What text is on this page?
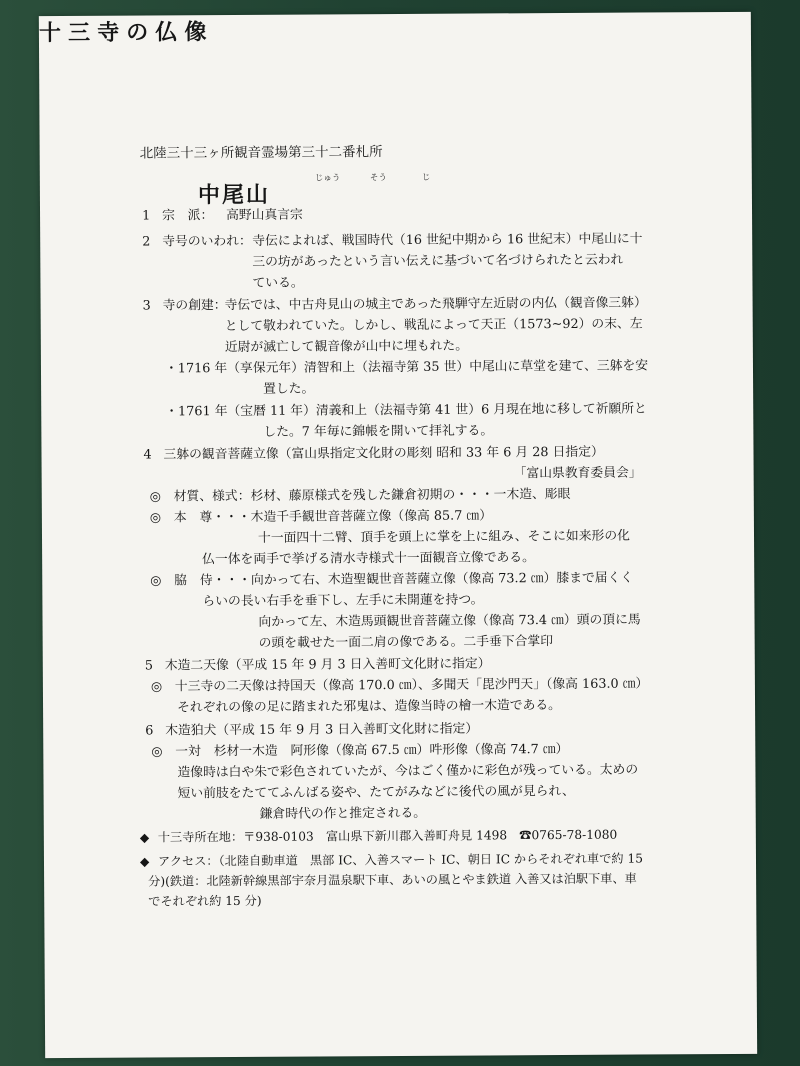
北陸三十三ヶ所観音霊場第三十二番札所
中尾山
じゅう	そう	じ
十 三 寺 の 仏 像
1 宗　派： 高野山真言宗
2 寺号のいわれ： 寺伝によれば、戦国時代（16 世紀中期から 16 世紀末）中尾山に十
三の坊があったという言い伝えに基づいて名づけられたと云われ
ている。
3 寺の創建：
寺伝では、中古舟見山の城主であった飛騨守左近尉の内仏（観音像三躰）
として敬われていた。しかし、戦乱によって天正（1573~92）の末、左
近尉が滅亡して観音像が山中に埋もれた。
・1716 年（享保元年）清智和上（法福寺第 35 世）中尾山に草堂を建て、三躰を安
置した。
・1761 年（宝暦 11 年）清義和上（法福寺第 41 世）6 月現在地に移して祈願所と
した。7 年毎に錦帳を開いて拝礼する。
4 三躰の観音菩薩立像（富山県指定文化財の彫刻 昭和 33 年 6 月 28 日指定）
「富山県教育委員会」
◎　材質、様式：杉材、藤原様式を残した鎌倉初期の・・・一木造、彫眼
◎　本　尊・・・木造千手観世音菩薩立像（像高 85.7 ㎝）
十一面四十二臂、頂手を頭上に掌を上に組み、そこに如来形の化
仏一体を両手で挙げる清水寺様式十一面観音立像である。
◎　脇　侍・・・向かって右、木造聖観世音菩薩立像（像高 73.2 ㎝）膝まで届くく
らいの長い右手を垂下し、左手に未開蓮を持つ。
向かって左、木造馬頭観世音菩薩立像（像高 73.4 ㎝）頭の頂に馬
の頭を載せた一面二肩の像である。二手垂下合掌印
5 木造二天像（平成 15 年 9 月 3 日入善町文化財に指定）
◎　十三寺の二天像は持国天（像高 170.0 ㎝）、多聞天「毘沙門天」（像高 163.0 ㎝）
それぞれの像の足に踏まれた邪鬼は、造像当時の檜一木造である。
6 木造狛犬（平成 15 年 9 月 3 日入善町文化財に指定）
◎　一対　杉材一木造　阿形像（像高 67.5 ㎝）吽形像（像高 74.7 ㎝）
造像時は白や朱で彩色されていたが、今はごく僅かに彩色が残っている。太めの
短い前肢をたててふんばる姿や、たてがみなどに後代の風が見られ、
鎌倉時代の作と推定される。
◆ 十三寺所在地：〒938-0103　富山県下新川郡入善町舟見 1498　☎0765-78-1080
◆ アクセス：（北陸自動車道　黒部 IC、入善スマート IC、朝日 IC からそれぞれ車で約 15
分)(鉄道：北陸新幹線黒部宇奈月温泉駅下車、あいの風とやま鉄道 入善又は泊駅下車、車
でそれぞれ約 15 分)
